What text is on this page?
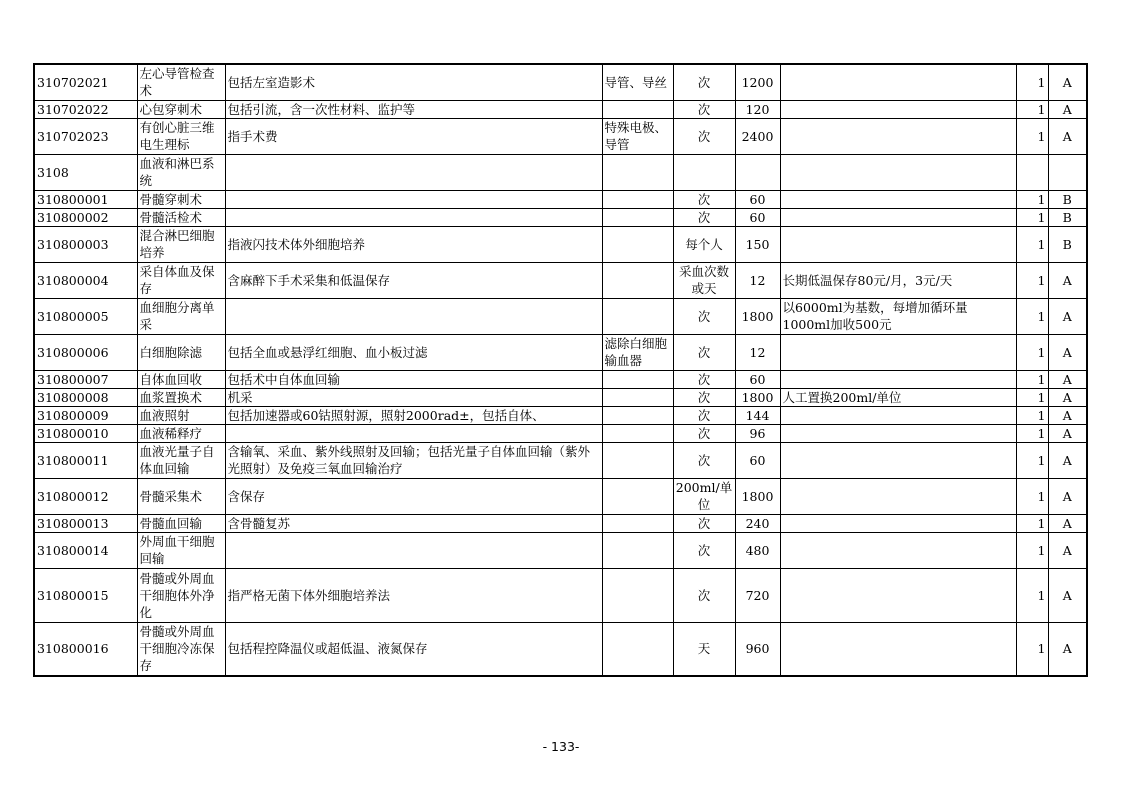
310702021	左心导管检查术	包括左室造影术	导管、导丝	次	1200		1	A
310702022	心包穿刺术	包括引流，含一次性材料、监护等		次	120		1	A
310702023	有创心脏三维电生理标	指手术费	特殊电极、导管	次	2400		1	A
3108	血液和淋巴系统							
310800001	骨髓穿刺术			次	60		1	B
310800002	骨髓活检术			次	60		1	B
310800003	混合淋巴细胞培养	指液闪技术体外细胞培养		每个人	150		1	B
310800004	采自体血及保存	含麻醉下手术采集和低温保存		采血次数或天	12	长期低温保存80元/月，3元/天	1	A
310800005	血细胞分离单采			次	1800	以6000ml为基数，每增加循环量1000ml加收500元	1	A
310800006	白细胞除滤	包括全血或悬浮红细胞、血小板过滤	滤除白细胞输血器	次	12		1	A
310800007	自体血回收	包括术中自体血回输		次	60		1	A
310800008	血浆置换术	机采		次	1800	人工置换200ml/单位	1	A
310800009	血液照射	包括加速器或60钴照射源，照射2000rad±，包括自体、		次	144		1	A
310800010	血液稀释疗			次	96		1	A
310800011	血液光量子自体血回输	含输氧、采血、紫外线照射及回输；包括光量子自体血回输（紫外光照射）及免疫三氧血回输治疗		次	60		1	A
310800012	骨髓采集术	含保存		200ml/单位	1800		1	A
310800013	骨髓血回输	含骨髓复苏		次	240		1	A
310800014	外周血干细胞回输			次	480		1	A
310800015	骨髓或外周血干细胞体外净化	指严格无菌下体外细胞培养法		次	720		1	A
310800016	骨髓或外周血干细胞冷冻保存	包括程控降温仪或超低温、液氮保存		天	960		1	A
- 133-
